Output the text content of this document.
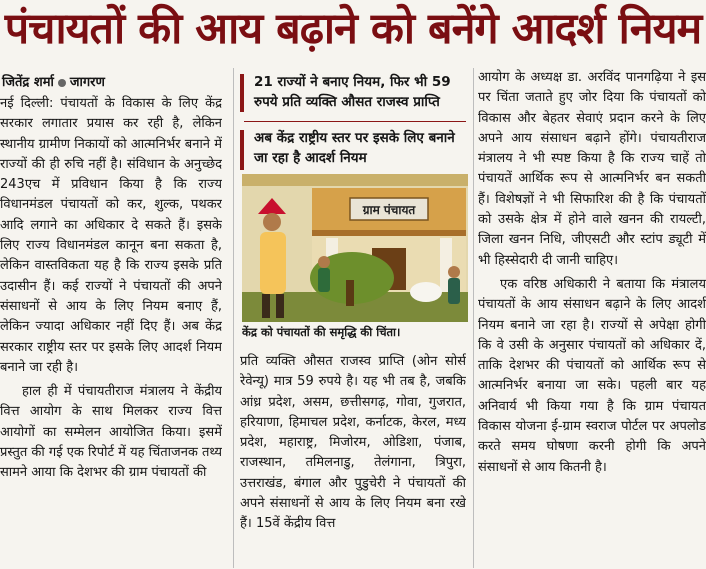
पंचायतों की आय बढ़ाने को बनेंगे आदर्श नियम
जितेंद्र शर्मा जागरण

नई दिल्ली: पंचायतों के विकास के लिए केंद्र सरकार लगातार प्रयास कर रही है, लेकिन स्थानीय ग्रामीण निकायों को आत्मनिर्भर बनाने में राज्यों की ही रुचि नहीं है। संविधान के अनुच्छेद 243एच में प्रविधान किया है कि राज्य विधानमंडल पंचायतों को कर, शुल्क, पथकर आदि लगाने का अधिकार दे सकते हैं। इसके लिए राज्य विधानमंडल कानून बना सकता है, लेकिन वास्तविकता यह है कि राज्य इसके प्रति उदासीन हैं। कई राज्यों ने पंचायतों की अपने संसाधनों से आय के लिए नियम बनाए हैं, लेकिन ज्यादा अधिकार नहीं दिए हैं। अब केंद्र सरकार राष्ट्रीय स्तर पर इसके लिए आदर्श नियम बनाने जा रही है।

हाल ही में पंचायतीराज मंत्रालय ने केंद्रीय वित्त आयोग के साथ मिलकर राज्य वित्त आयोगों का सम्मेलन आयोजित किया। इसमें प्रस्तुत की गई एक रिपोर्ट में यह चिंताजनक तथ्य सामने आया कि देशभर की ग्राम पंचायतों की

21 राज्यों ने बनाए नियम, फिर भी 59 रुपये प्रति व्यक्ति औसत राजस्व प्राप्ति
अब केंद्र राष्ट्रीय स्तर पर इसके लिए बनाने जा रहा है आदर्श नियम
ग्राम पंचायत
केंद्र को पंचायतों की समृद्धि की चिंता।

प्रति व्यक्ति औसत राजस्व प्राप्ति (ओन सोर्स रेवेन्यू) मात्र 59 रुपये है। यह भी तब है, जबकि आंध्र प्रदेश, असम, छत्तीसगढ़, गोवा, गुजरात, हरियाणा, हिमाचल प्रदेश, कर्नाटक, केरल, मध्य प्रदेश, महाराष्ट्र, मिजोरम, ओडिशा, पंजाब, राजस्थान, तमिलनाडु, तेलंगाना, त्रिपुरा, उत्तराखंड, बंगाल और पुडुचेरी ने पंचायतों की अपने संसाधनों से आय के लिए नियम बना रखे हैं। 15वें केंद्रीय वित्त

आयोग के अध्यक्ष डा. अरविंद पानगढ़िया ने इस पर चिंता जताते हुए जोर दिया कि पंचायतों को विकास और बेहतर सेवाएं प्रदान करने के लिए अपने आय संसाधन बढ़ाने होंगे। पंचायतीराज मंत्रालय ने भी स्पष्ट किया है कि राज्य चाहें तो पंचायतें आर्थिक रूप से आत्मनिर्भर बन सकती हैं। विशेषज्ञों ने भी सिफारिश की है कि पंचायतों को उसके क्षेत्र में होने वाले खनन की रायल्टी, जिला खनन निधि, जीएसटी और स्टांप ड्यूटी में भी हिस्सेदारी दी जानी चाहिए।

एक वरिष्ठ अधिकारी ने बताया कि मंत्रालय पंचायतों के आय संसाधन बढ़ाने के लिए आदर्श नियम बनाने जा रहा है। राज्यों से अपेक्षा होगी कि वे उसी के अनुसार पंचायतों को अधिकार दें, ताकि देशभर की पंचायतों को आर्थिक रूप से आत्मनिर्भर बनाया जा सके। पहली बार यह अनिवार्य भी किया गया है कि ग्राम पंचायत विकास योजना ई-ग्राम स्वराज पोर्टल पर अपलोड करते समय घोषणा करनी होगी कि अपने संसाधनों से आय कितनी है।
